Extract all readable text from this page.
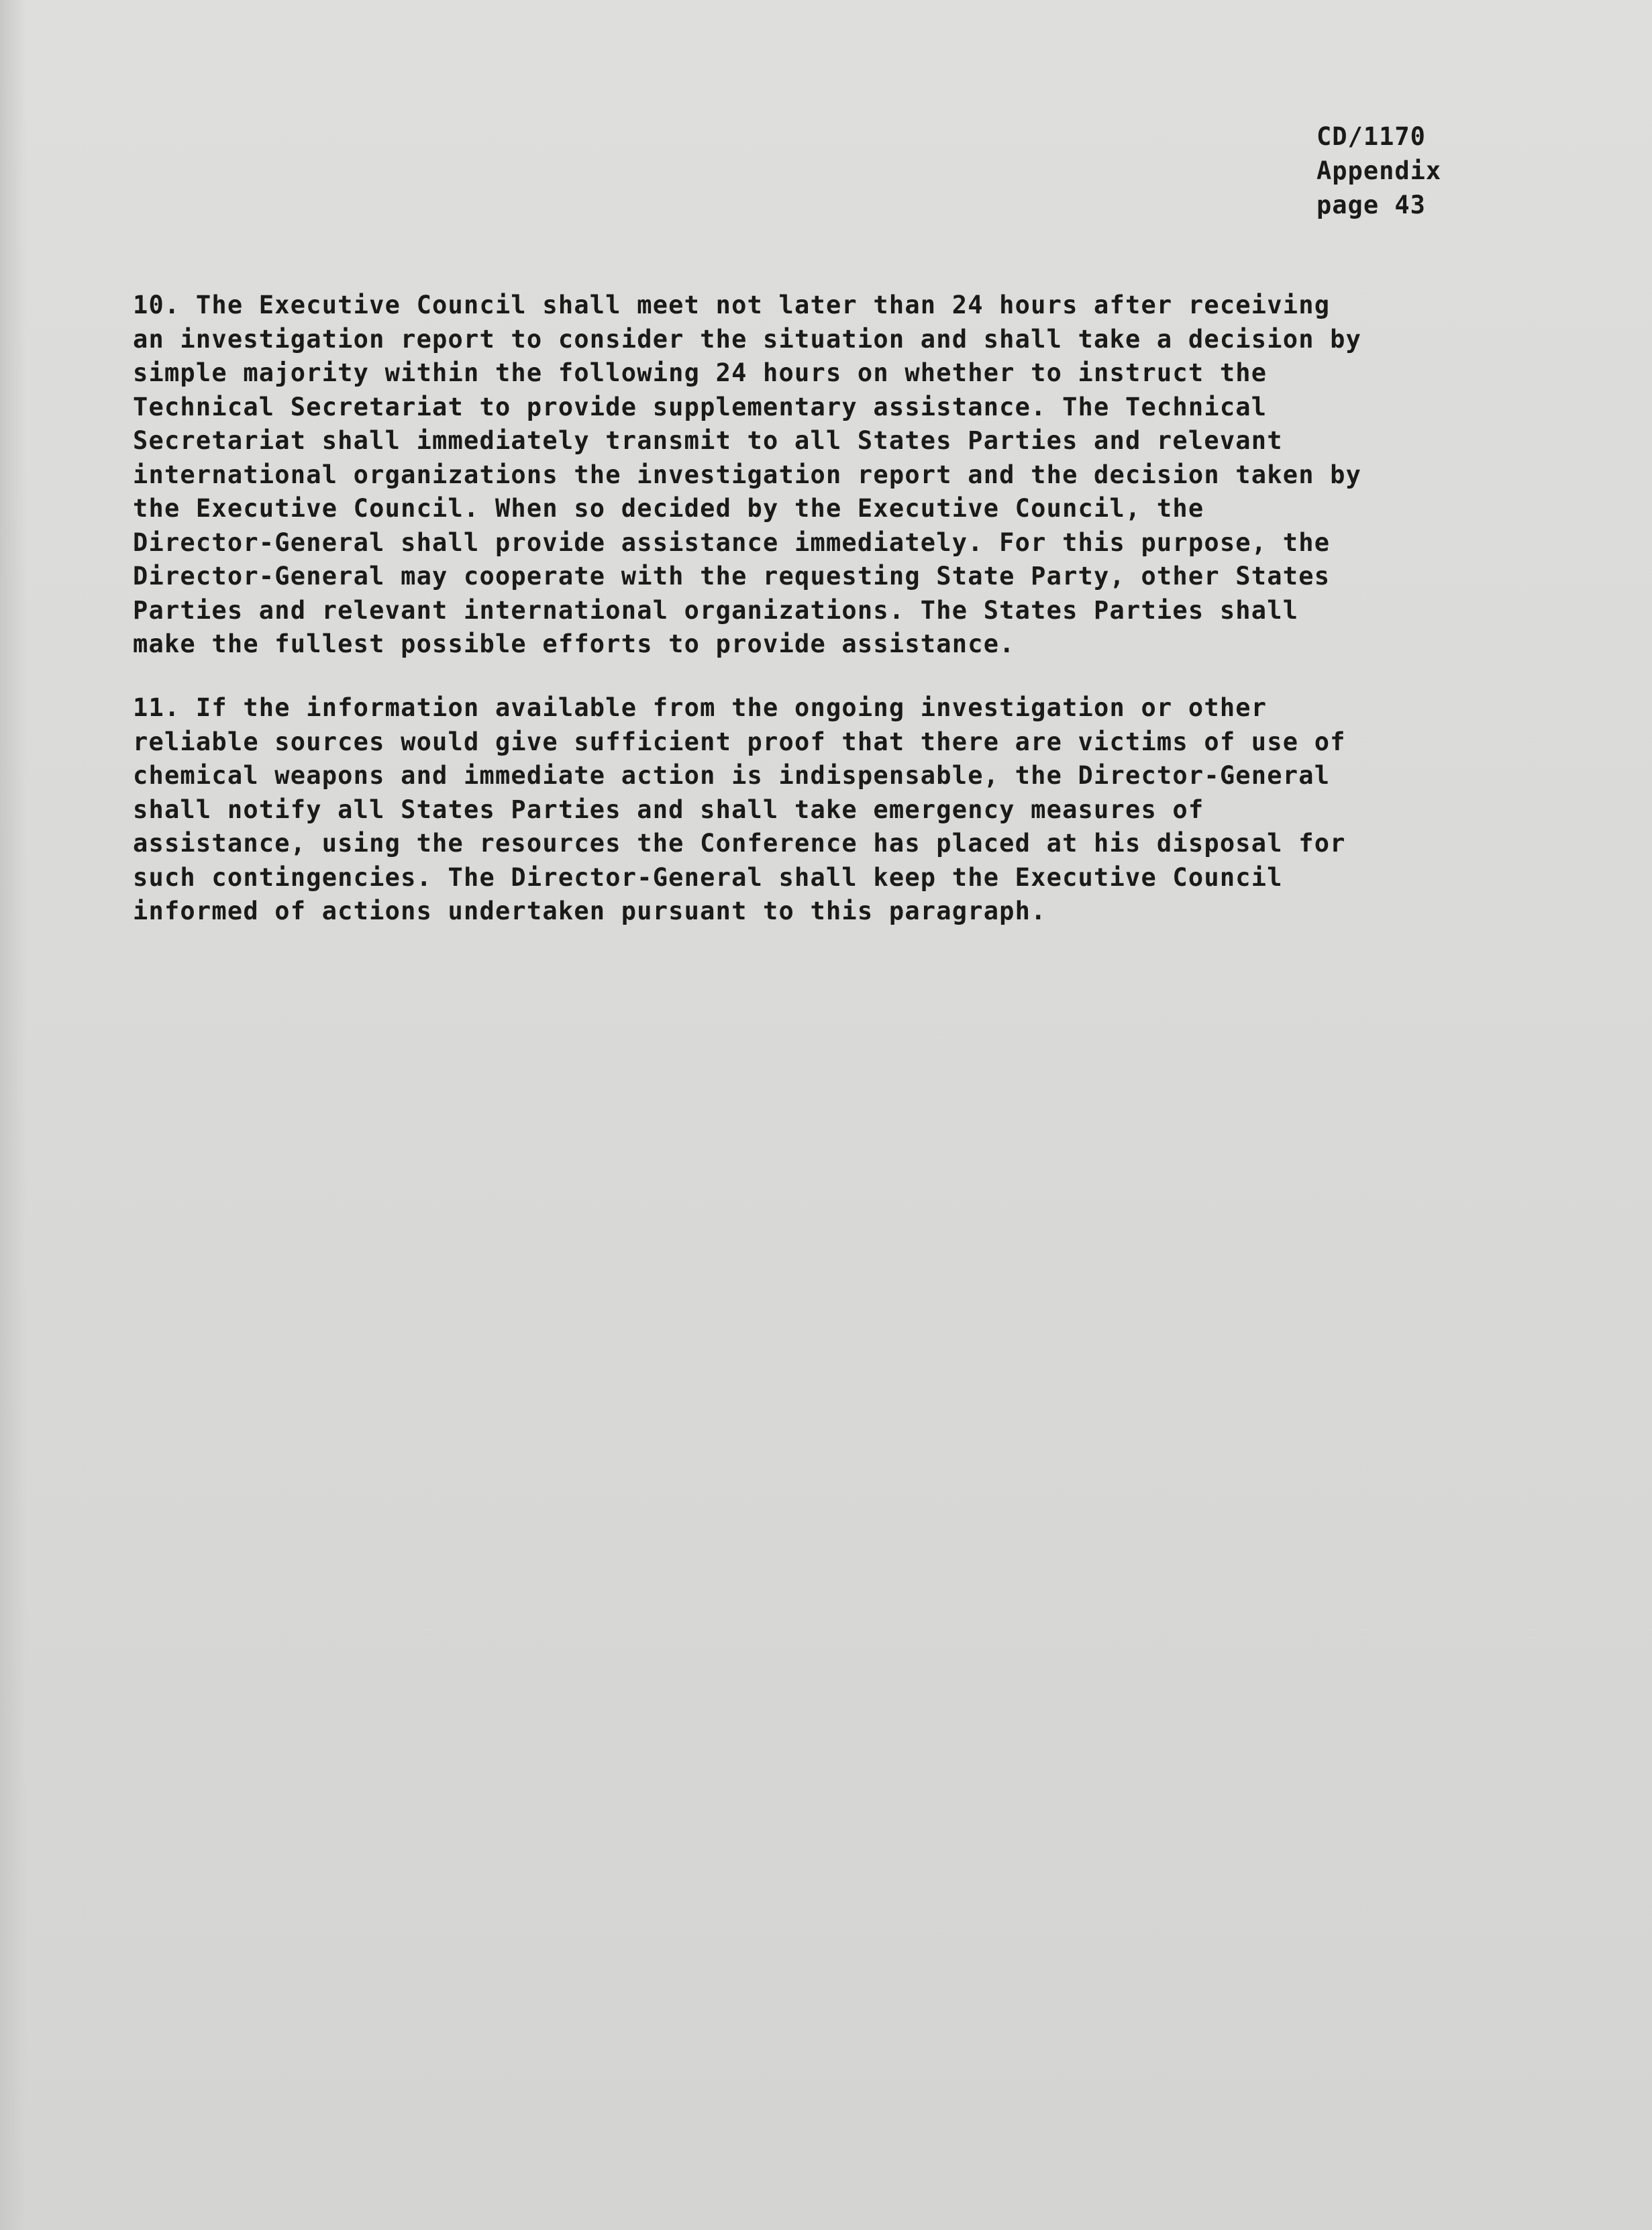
CD/1170
Appendix
page 43
10. The Executive Council shall meet not later than 24 hours after receiving
an investigation report to consider the situation and shall take a decision by
simple majority within the following 24 hours on whether to instruct the
Technical Secretariat to provide supplementary assistance. The Technical
Secretariat shall immediately transmit to all States Parties and relevant
international organizations the investigation report and the decision taken by
the Executive Council. When so decided by the Executive Council, the
Director-General shall provide assistance immediately. For this purpose, the
Director-General may cooperate with the requesting State Party, other States
Parties and relevant international organizations. The States Parties shall
make the fullest possible efforts to provide assistance.
11. If the information available from the ongoing investigation or other
reliable sources would give sufficient proof that there are victims of use of
chemical weapons and immediate action is indispensable, the Director-General
shall notify all States Parties and shall take emergency measures of
assistance, using the resources the Conference has placed at his disposal for
such contingencies. The Director-General shall keep the Executive Council
informed of actions undertaken pursuant to this paragraph.
